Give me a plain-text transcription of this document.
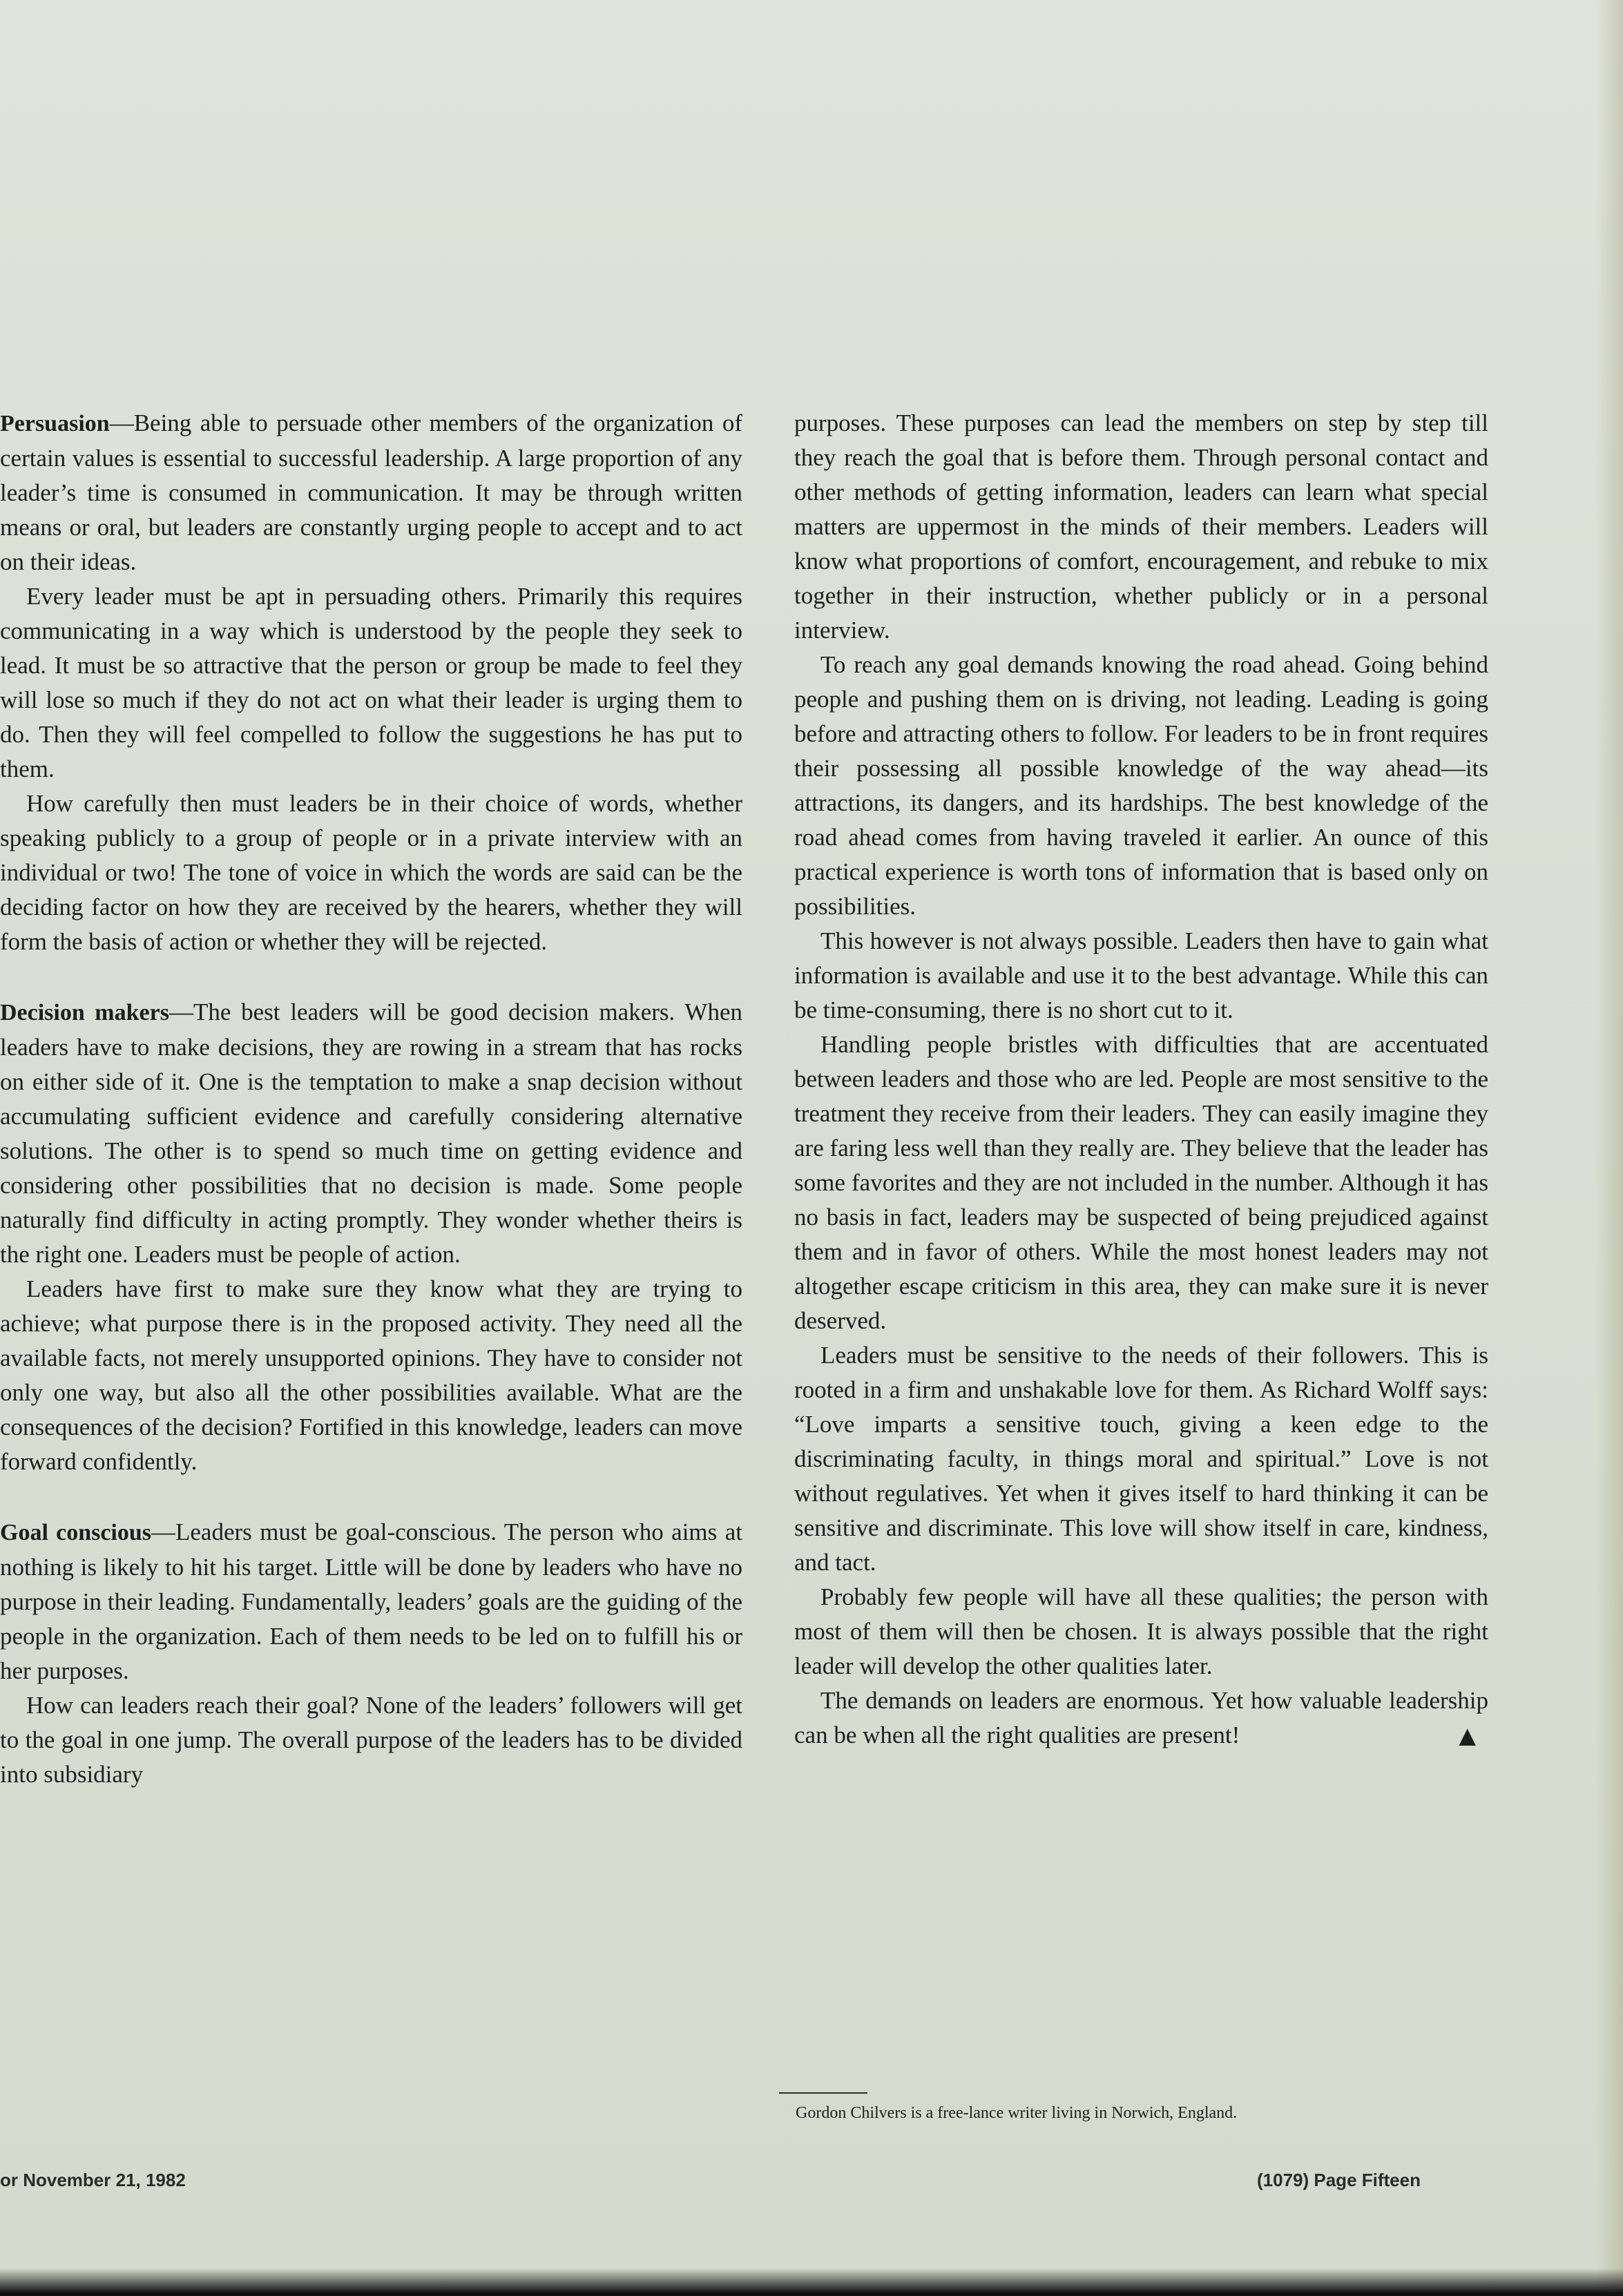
Persuasion—Being able to persuade other members of the organization of certain values is essential to successful leadership. A large proportion of any leader’s time is consumed in communication. It may be through written means or oral, but leaders are constantly urging people to accept and to act on their ideas.

Every leader must be apt in persuading others. Primarily this requires communicating in a way which is understood by the people they seek to lead. It must be so attractive that the person or group be made to feel they will lose so much if they do not act on what their leader is urging them to do. Then they will feel compelled to follow the suggestions he has put to them.

How carefully then must leaders be in their choice of words, whether speaking publicly to a group of people or in a private interview with an individual or two! The tone of voice in which the words are said can be the deciding factor on how they are received by the hearers, whether they will form the basis of action or whether they will be rejected.

Decision makers—The best leaders will be good decision makers. When leaders have to make decisions, they are rowing in a stream that has rocks on either side of it. One is the temptation to make a snap decision without accumulating sufficient evidence and carefully considering alternative solutions. The other is to spend so much time on getting evidence and considering other possibilities that no decision is made. Some people naturally find difficulty in acting promptly. They wonder whether theirs is the right one. Leaders must be people of action.

Leaders have first to make sure they know what they are trying to achieve; what purpose there is in the proposed activity. They need all the available facts, not merely unsupported opinions. They have to consider not only one way, but also all the other possibilities available. What are the consequences of the decision? Fortified in this knowledge, leaders can move forward confidently.

Goal conscious—Leaders must be goal-conscious. The person who aims at nothing is likely to hit his target. Little will be done by leaders who have no purpose in their leading. Fundamentally, leaders’ goals are the guiding of the people in the organization. Each of them needs to be led on to fulfill his or her purposes.

How can leaders reach their goal? None of the leaders’ followers will get to the goal in one jump. The overall purpose of the leaders has to be divided into subsidiary

purposes. These purposes can lead the members on step by step till they reach the goal that is before them. Through personal contact and other methods of getting information, leaders can learn what special matters are uppermost in the minds of their members. Leaders will know what proportions of comfort, encouragement, and rebuke to mix together in their instruction, whether publicly or in a personal interview.

To reach any goal demands knowing the road ahead. Going behind people and pushing them on is driving, not leading. Leading is going before and attracting others to follow. For leaders to be in front requires their possessing all possible knowledge of the way ahead—its attractions, its dangers, and its hardships. The best knowledge of the road ahead comes from having traveled it earlier. An ounce of this practical experience is worth tons of information that is based only on possibilities.

This however is not always possible. Leaders then have to gain what information is available and use it to the best advantage. While this can be time-consuming, there is no short cut to it.

Handling people bristles with difficulties that are accentuated between leaders and those who are led. People are most sensitive to the treatment they receive from their leaders. They can easily imagine they are faring less well than they really are. They believe that the leader has some favorites and they are not included in the number. Although it has no basis in fact, leaders may be suspected of being prejudiced against them and in favor of others. While the most honest leaders may not altogether escape criticism in this area, they can make sure it is never deserved.

Leaders must be sensitive to the needs of their followers. This is rooted in a firm and unshakable love for them. As Richard Wolff says: “Love imparts a sensitive touch, giving a keen edge to the discriminating faculty, in things moral and spiritual.” Love is not without regulatives. Yet when it gives itself to hard thinking it can be sensitive and discriminate. This love will show itself in care, kindness, and tact.

Probably few people will have all these qualities; the person with most of them will then be chosen. It is always possible that the right leader will develop the other qualities later.

The demands on leaders are enormous. Yet how valuable leadership can be when all the right qualities are present!	▲

Gordon Chilvers is a free-lance writer living in Norwich, England.
or November 21, 1982	(1079) Page Fifteen
